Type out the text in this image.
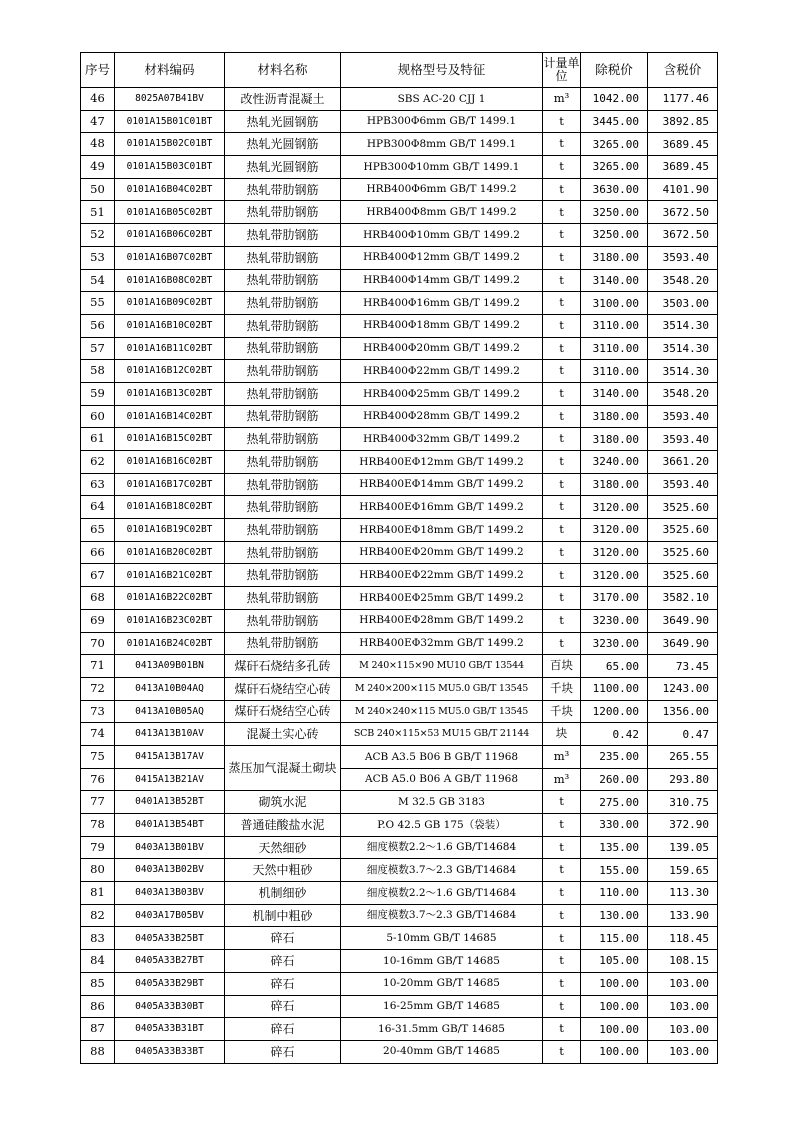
序号	材料编码	材料名称	规格型号及特征	计量单位	除税价	含税价
46	8025A07B41BV	改性沥青混凝土	SBS AC-20 CJJ 1	m³	1042.00	1177.46
47	0101A15B01C01BT	热轧光圆钢筋	HPB300Φ6mm GB/T 1499.1	t	3445.00	3892.85
48	0101A15B02C01BT	热轧光圆钢筋	HPB300Φ8mm GB/T 1499.1	t	3265.00	3689.45
49	0101A15B03C01BT	热轧光圆钢筋	HPB300Φ10mm GB/T 1499.1	t	3265.00	3689.45
50	0101A16B04C02BT	热轧带肋钢筋	HRB400Φ6mm GB/T 1499.2	t	3630.00	4101.90
51	0101A16B05C02BT	热轧带肋钢筋	HRB400Φ8mm GB/T 1499.2	t	3250.00	3672.50
52	0101A16B06C02BT	热轧带肋钢筋	HRB400Φ10mm GB/T 1499.2	t	3250.00	3672.50
53	0101A16B07C02BT	热轧带肋钢筋	HRB400Φ12mm GB/T 1499.2	t	3180.00	3593.40
54	0101A16B08C02BT	热轧带肋钢筋	HRB400Φ14mm GB/T 1499.2	t	3140.00	3548.20
55	0101A16B09C02BT	热轧带肋钢筋	HRB400Φ16mm GB/T 1499.2	t	3100.00	3503.00
56	0101A16B10C02BT	热轧带肋钢筋	HRB400Φ18mm GB/T 1499.2	t	3110.00	3514.30
57	0101A16B11C02BT	热轧带肋钢筋	HRB400Φ20mm GB/T 1499.2	t	3110.00	3514.30
58	0101A16B12C02BT	热轧带肋钢筋	HRB400Φ22mm GB/T 1499.2	t	3110.00	3514.30
59	0101A16B13C02BT	热轧带肋钢筋	HRB400Φ25mm GB/T 1499.2	t	3140.00	3548.20
60	0101A16B14C02BT	热轧带肋钢筋	HRB400Φ28mm GB/T 1499.2	t	3180.00	3593.40
61	0101A16B15C02BT	热轧带肋钢筋	HRB400Φ32mm GB/T 1499.2	t	3180.00	3593.40
62	0101A16B16C02BT	热轧带肋钢筋	HRB400EΦ12mm GB/T 1499.2	t	3240.00	3661.20
63	0101A16B17C02BT	热轧带肋钢筋	HRB400EΦ14mm GB/T 1499.2	t	3180.00	3593.40
64	0101A16B18C02BT	热轧带肋钢筋	HRB400EΦ16mm GB/T 1499.2	t	3120.00	3525.60
65	0101A16B19C02BT	热轧带肋钢筋	HRB400EΦ18mm GB/T 1499.2	t	3120.00	3525.60
66	0101A16B20C02BT	热轧带肋钢筋	HRB400EΦ20mm GB/T 1499.2	t	3120.00	3525.60
67	0101A16B21C02BT	热轧带肋钢筋	HRB400EΦ22mm GB/T 1499.2	t	3120.00	3525.60
68	0101A16B22C02BT	热轧带肋钢筋	HRB400EΦ25mm GB/T 1499.2	t	3170.00	3582.10
69	0101A16B23C02BT	热轧带肋钢筋	HRB400EΦ28mm GB/T 1499.2	t	3230.00	3649.90
70	0101A16B24C02BT	热轧带肋钢筋	HRB400EΦ32mm GB/T 1499.2	t	3230.00	3649.90
71	0413A09B01BN	煤矸石烧结多孔砖	M 240×115×90 MU10 GB/T 13544	百块	65.00	73.45
72	0413A10B04AQ	煤矸石烧结空心砖	M 240×200×115 MU5.0 GB/T 13545	千块	1100.00	1243.00
73	0413A10B05AQ	煤矸石烧结空心砖	M 240×240×115 MU5.0 GB/T 13545	千块	1200.00	1356.00
74	0413A13B10AV	混凝土实心砖	SCB 240×115×53 MU15 GB/T 21144	块	0.42	0.47
75	0415A13B17AV	蒸压加气混凝土砌块	ACB A3.5 B06 B GB/T 11968	m³	235.00	265.55
76	0415A13B21AV		ACB A5.0 B06 A GB/T 11968	m³	260.00	293.80
77	0401A13B52BT	砌筑水泥	M 32.5 GB 3183	t	275.00	310.75
78	0401A13B54BT	普通硅酸盐水泥	P.O 42.5 GB 175（袋装）	t	330.00	372.90
79	0403A13B01BV	天然细砂	细度模数2.2～1.6 GB/T14684	t	135.00	139.05
80	0403A13B02BV	天然中粗砂	细度模数3.7～2.3 GB/T14684	t	155.00	159.65
81	0403A13B03BV	机制细砂	细度模数2.2～1.6 GB/T14684	t	110.00	113.30
82	0403A17B05BV	机制中粗砂	细度模数3.7～2.3 GB/T14684	t	130.00	133.90
83	0405A33B25BT	碎石	5-10mm GB/T 14685	t	115.00	118.45
84	0405A33B27BT	碎石	10-16mm GB/T 14685	t	105.00	108.15
85	0405A33B29BT	碎石	10-20mm GB/T 14685	t	100.00	103.00
86	0405A33B30BT	碎石	16-25mm GB/T 14685	t	100.00	103.00
87	0405A33B31BT	碎石	16-31.5mm GB/T 14685	t	100.00	103.00
88	0405A33B33BT	碎石	20-40mm GB/T 14685	t	100.00	103.00
